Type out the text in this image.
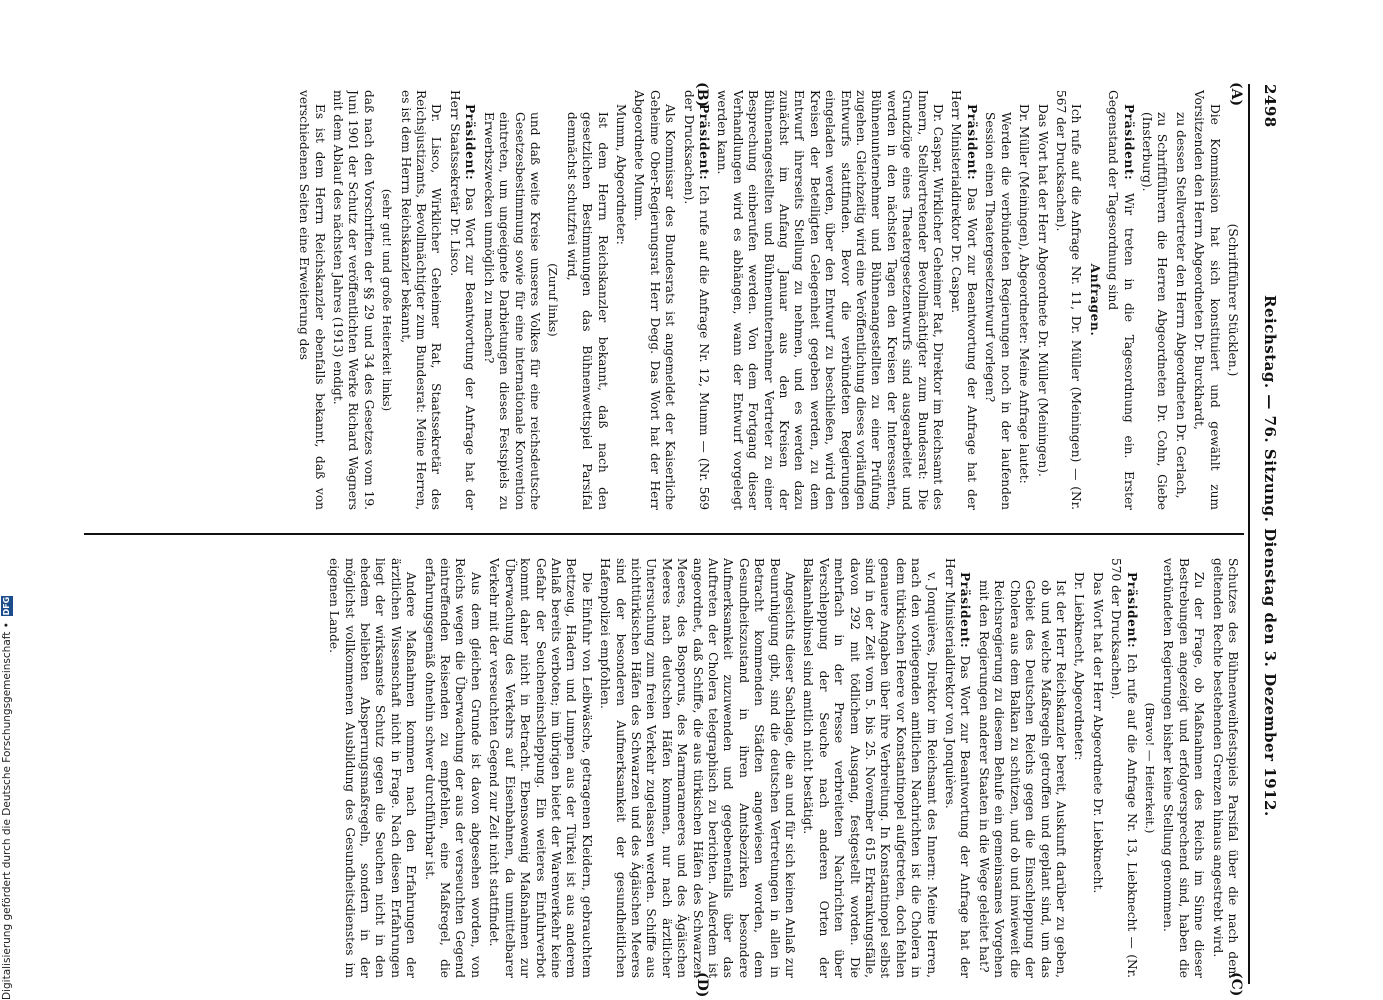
2498
Reichstag. — 76. Sitzung. Dienstag den 3. Dezember 1912.
(A)
(B)
(C)
(D)

(Schriftführer Stücklen.)

Die Kommission hat sich konstituiert und gewählt zum Vorsitzenden den Herrn Abgeordneten Dr. Burckhardt,

zu dessen Stellvertreter den Herrn Abgeordneten Dr. Gerlach,

zu Schriftführern die Herren Abgeordneten Dr. Cohn, Giebe (Insterburg).

Präsident: Wir treten in die Tagesordnung ein. Erster Gegenstand der Tagesordnung sind

Anfragen.

Ich rufe auf die Anfrage Nr. 11, Dr. Müller (Meiningen) — (Nr. 567 der Drucksachen).

Das Wort hat der Herr Abgeordnete Dr. Müller (Meiningen).

Dr. Müller (Meiningen), Abgeordneter: Meine Anfrage lautet:

Werden die verbündeten Regierungen noch in der laufenden Session einen Theatergesetzentwurf vorlegen?

Präsident: Das Wort zur Beantwortung der Anfrage hat der Herr Ministerialdirektor Dr. Caspar.

Dr. Caspar, Wirklicher Geheimer Rat, Direktor im Reichsamt des Innern, Stellvertretender Bevollmächtigter zum Bundesrat: Die Grundzüge eines Theatergesetzentwurfs sind ausgearbeitet und werden in den nächsten Tagen den Kreisen der Interessenten, Bühnenunternehmer und Bühnenangestellten zu einer Prüfung zugehen. Gleichzeitig wird eine Veröffentlichung dieses vorläufigen Entwurfs stattfinden. Bevor die verbündeten Regierungen eingeladen werden, über den Entwurf zu beschließen, wird den Kreisen der Beteiligten Gelegenheit gegeben werden, zu dem Entwurf ihrerseits Stellung zu nehmen, und es werden dazu zunächst im Anfang Januar aus den Kreisen der Bühnenangestellten und Bühnenunternehmer Vertreter zu einer Besprechung einberufen werden. Von dem Fortgang dieser Verhandlungen wird es abhängen, wann der Entwurf vorgelegt werden kann.

Präsident: Ich rufe auf die Anfrage Nr. 12, Mumm — (Nr. 569 der Drucksachen).

Als Kommissar des Bundesrats ist angemeldet der Kaiserliche Geheime Ober-Regierungsrat Herr Degg. Das Wort hat der Herr Abgeordnete Mumm.

Mumm, Abgeordneter:

Ist dem Herrn Reichskanzler bekannt, daß nach den gesetzlichen Bestimmungen das Bühnenwettspiel Parsifal demnächst schutzfrei wird,

(Zuruf links)

und daß weite Kreise unseres Volkes für eine reichsdeutsche Gesetzesbestimmung sowie für eine internationale Konvention eintreten, um ungeeignete Darbietungen dieses Festspiels zu Erwerbszwecken unmöglich zu machen?

Präsident: Das Wort zur Beantwortung der Anfrage hat der Herr Staatssekretär Dr. Lisco.

Dr. Lisco, Wirklicher Geheimer Rat, Staatssekretär des Reichsjustizamts, Bevollmächtigter zum Bundesrat: Meine Herren, es ist dem Herrn Reichskanzler bekannt,

(sehr gut! und große Heiterkeit links)

daß nach den Vorschriften der §§ 29 und 34 des Gesetzes vom 19. Juni 1901 der Schutz der veröffentlichten Werke Richard Wagners mit dem Ablauf des nächsten Jahres (1913) endigt.

Es ist dem Herrn Reichskanzler ebenfalls bekannt, daß von verschiedenen Seiten eine Erweiterung des

Schutzes des Bühnenweihfestspiels Parsifal über die nach dem geltenden Rechte bestehenden Grenzen hinaus angestrebt wird.

Zu der Frage, ob Maßnahmen des Reichs im Sinne dieser Bestrebungen angezeigt und erfolgversprechend sind, haben die verbündeten Regierungen bisher keine Stellung genommen.

(Bravo! — Heiterkeit.)

Präsident: Ich rufe auf die Anfrage Nr. 13, Liebknecht — (Nr. 570 der Drucksachen).

Das Wort hat der Herr Abgeordnete Dr. Liebknecht.

Dr. Liebknecht, Abgeordneter:

Ist der Herr Reichskanzler bereit, Auskunft darüber zu geben, ob und welche Maßregeln getroffen und geplant sind, um das Gebiet des Deutschen Reichs gegen die Einschleppung der Cholera aus dem Balkan zu schützen, und ob und inwieweit die Reichsregierung zu diesem Behufe ein gemeinsames Vorgehen mit den Regierungen anderer Staaten in die Wege geleitet hat?

Präsident: Das Wort zur Beantwortung der Anfrage hat der Herr Ministerialdirektor von Jonquières.

v. Jonquières, Direktor im Reichsamt des Innern: Meine Herren, nach den vorliegenden amtlichen Nachrichten ist die Cholera in dem türkischen Heere vor Konstantinopel aufgetreten, doch fehlen genauere Angaben über ihre Verbreitung. In Konstantinopel selbst sind in der Zeit vom 5. bis 25. November 615 Erkrankungsfälle, davon 292 mit tödlichem Ausgang, festgestellt worden. Die mehrfach in der Presse verbreiteten Nachrichten über Verschleppung der Seuche nach anderen Orten der Balkanhalbinsel sind amtlich nicht bestätigt.

Angesichts dieser Sachlage, die an und für sich keinen Anlaß zur Beunruhigung gibt, sind die deutschen Vertretungen in allen in Betracht kommenden Städten angewiesen worden, dem Gesundheitszustand in ihren Amtsbezirken besondere Aufmerksamkeit zuzuwenden und gegebenenfalls über das Auftreten der Cholera telegraphisch zu berichten. Außerdem ist angeordnet, daß Schiffe, die aus türkischen Häfen des Schwarzen Meeres, des Bosporus, des Marmarameeres und des Ägäischen Meeres nach deutschen Häfen kommen, nur nach ärztlicher Untersuchung zum freien Verkehr zugelassen werden. Schiffe aus nichttürkischen Häfen des Schwarzen und des Ägäischen Meeres sind der besonderen Aufmerksamkeit der gesundheitlichen Hafenpolizei empfohlen.

Die Einfuhr von Leibwäsche, getragenen Kleidern, gebrauchtem Bettzeug, Hadern und Lumpen aus der Türkei ist aus anderem Anlaß bereits verboten; im übrigen bietet der Warenverkehr keine Gefahr der Seucheneinschleppung. Ein weiteres Einfuhrverbot kommt daher nicht in Betracht. Ebensowenig Maßnahmen zur Überwachung des Verkehrs auf Eisenbahnen, da unmittelbarer Verkehr mit der verseuchten Gegend zur Zeit nicht stattfindet.

Aus dem gleichen Grunde ist davon abgesehen worden, von Reichs wegen die Überwachung der aus der verseuchten Gegend eintreffenden Reisenden zu empfehlen, eine Maßregel, die erfahrungsgemäß ohnehin schwer durchführbar ist.

Andere Maßnahmen kommen nach den Erfahrungen der ärztlichen Wissenschaft nicht in Frage. Nach diesen Erfahrungen liegt der wirksamste Schutz gegen die Seuchen nicht in den ehedem beliebten Absperrungsmaßregeln, sondern in der möglichst vollkommenen Ausbildung des Gesundheitsdienstes im eigenen Lande.

Digitalisierung gefördert durch die Deutsche Forschungsgemeinschaft •
DFG
